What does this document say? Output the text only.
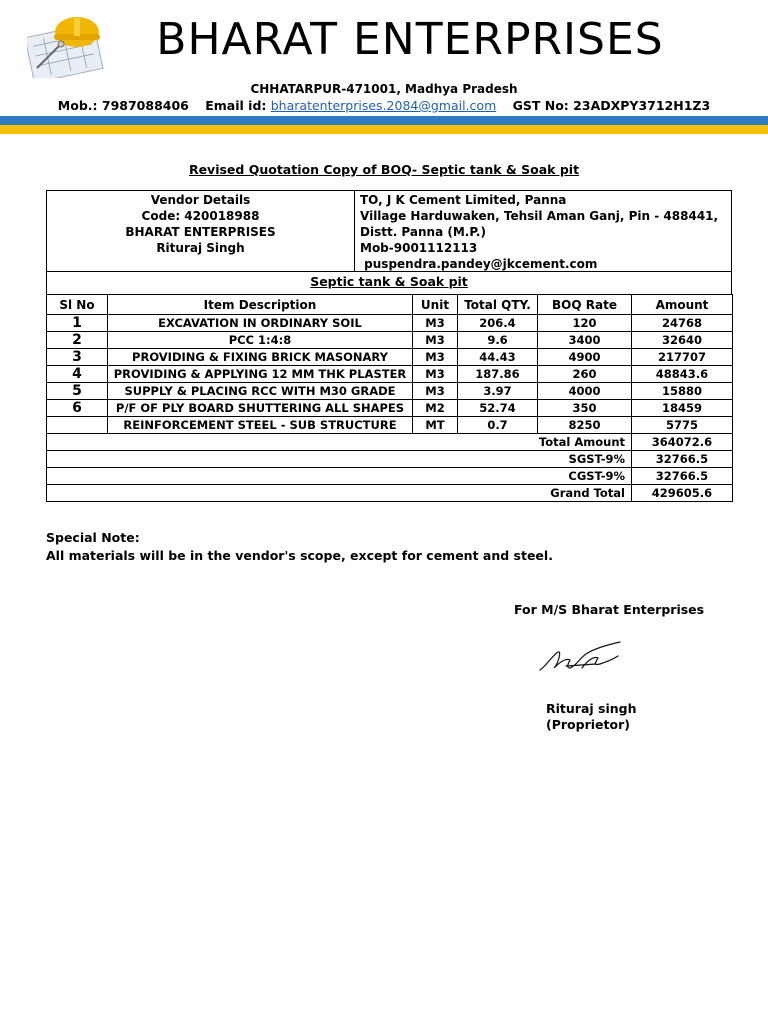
BHARAT ENTERPRISES
CHHATARPUR-471001, Madhya Pradesh
Mob.: 7987088406 Email id: bharatenterprises.2084@gmail.com GST No: 23ADXPY3712H1Z3
Revised Quotation Copy of BOQ- Septic tank & Soak pit
Vendor Details
Code: 420018988
BHARAT ENTERPRISES
Rituraj Singh
TO, J K Cement Limited, Panna
Village Harduwaken, Tehsil Aman Ganj, Pin - 488441,
Distt. Panna (M.P.)
Mob-9001112113
puspendra.pandey@jkcement.com
Septic tank & Soak pit
Sl No	Item Description	Unit	Total QTY.	BOQ Rate	Amount
1	EXCAVATION IN ORDINARY SOIL	M3	206.4	120	24768
2	PCC 1:4:8	M3	9.6	3400	32640
3	PROVIDING & FIXING BRICK MASONARY	M3	44.43	4900	217707
4	PROVIDING & APPLYING 12 MM THK PLASTER	M3	187.86	260	48843.6
5	SUPPLY & PLACING RCC WITH M30 GRADE	M3	3.97	4000	15880
6	P/F OF PLY BOARD SHUTTERING ALL SHAPES	M2	52.74	350	18459
	REINFORCEMENT STEEL - SUB STRUCTURE	MT	0.7	8250	5775
Total Amount					364072.6
SGST-9%					32766.5
CGST-9%					32766.5
Grand Total					429605.6
Special Note:
All materials will be in the vendor's scope, except for cement and steel.
For M/S Bharat Enterprises
Rituraj singh
(Proprietor)
